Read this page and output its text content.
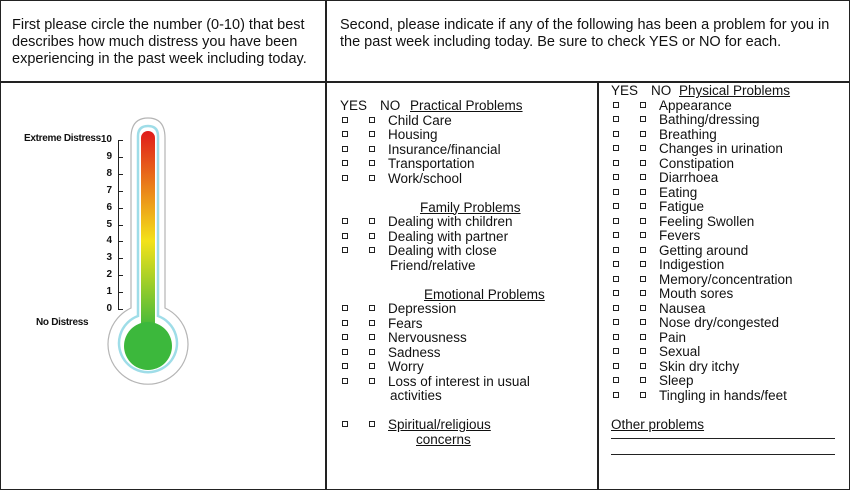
First please circle the number (0-10) that best describes how much distress you have been experiencing in the past week including today.
Second, please indicate if any of the following has been a problem for you in the past week including today. Be sure to check YES or NO for each.
Extreme Distress
No Distress
10
9
8
7
6
5
4
3
2
1
0
YES NO Practical Problems
Child Care
Housing
Insurance/financial
Transportation
Work/school
Family Problems
Dealing with children
Dealing with partner
Dealing with close
Friend/relative
Emotional Problems
Depression
Fears
Nervousness
Sadness
Worry
Loss of interest in usual
activities
Spiritual/religious
concerns
YES NO Physical Problems
Appearance
Bathing/dressing
Breathing
Changes in urination
Constipation
Diarrhoea
Eating
Fatigue
Feeling Swollen
Fevers
Getting around
Indigestion
Memory/concentration
Mouth sores
Nausea
Nose dry/congested
Pain
Sexual
Skin dry itchy
Sleep
Tingling in hands/feet
Other problems
